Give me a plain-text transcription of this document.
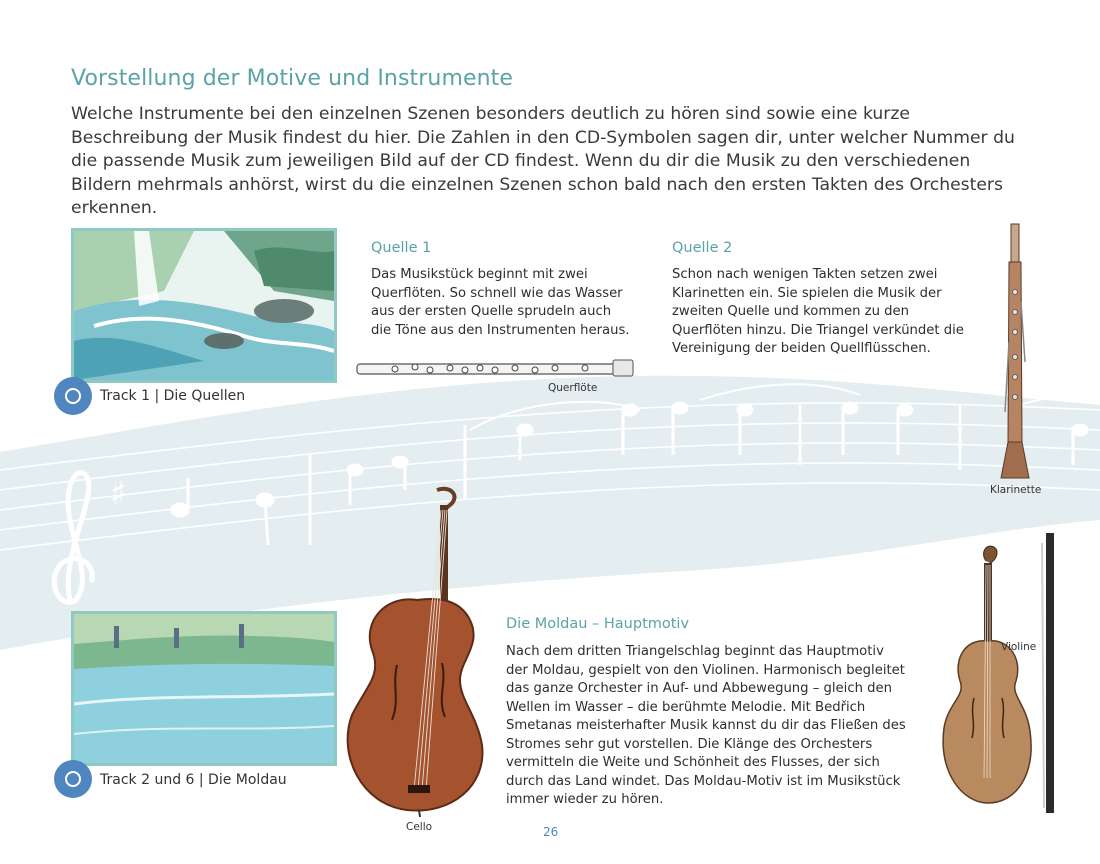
♯
Vorstellung der Motive und Instrumente
Welche Instrumente bei den einzelnen Szenen besonders deutlich zu hören sind sowie eine kurze Beschreibung der Musik findest du hier. Die Zahlen in den CD-Symbolen sagen dir, unter welcher Nummer du die passende Musik zum jeweiligen Bild auf der CD findest. Wenn du dir die Musik zu den verschiedenen Bildern mehrmals anhörst, wirst du die einzelnen Szenen schon bald nach den ersten Takten des Orchesters erkennen.
Track 1 | Die Quellen
Quelle 1
Das Musikstück beginnt mit zwei Querflöten. So schnell wie das Wasser aus der ersten Quelle sprudeln auch die Töne aus den Instrumenten heraus.
Quelle 2
Schon nach wenigen Takten setzen zwei Klarinetten ein. Sie spielen die Musik der zweiten Quelle und kommen zu den Querflöten hinzu. Die Triangel verkündet die Vereinigung der beiden Quellflüsschen.
Querflöte
Klarinette
Track 2 und 6 | Die Moldau
Cello
Die Moldau – Hauptmotiv
Nach dem dritten Triangelschlag beginnt das Hauptmotiv der Moldau, gespielt von den Violinen. Harmonisch begleitet das ganze Orchester in Auf- und Abbewegung – gleich den Wellen im Wasser – die berühmte Melodie. Mit Bedřich Smetanas meisterhafter Musik kannst du dir das Fließen des Stromes sehr gut vorstellen. Die Klänge des Orchesters vermitteln die Weite und Schönheit des Flusses, der sich durch das Land windet. Das Moldau-Motiv ist im Musikstück immer wieder zu hören.
Violine
26
